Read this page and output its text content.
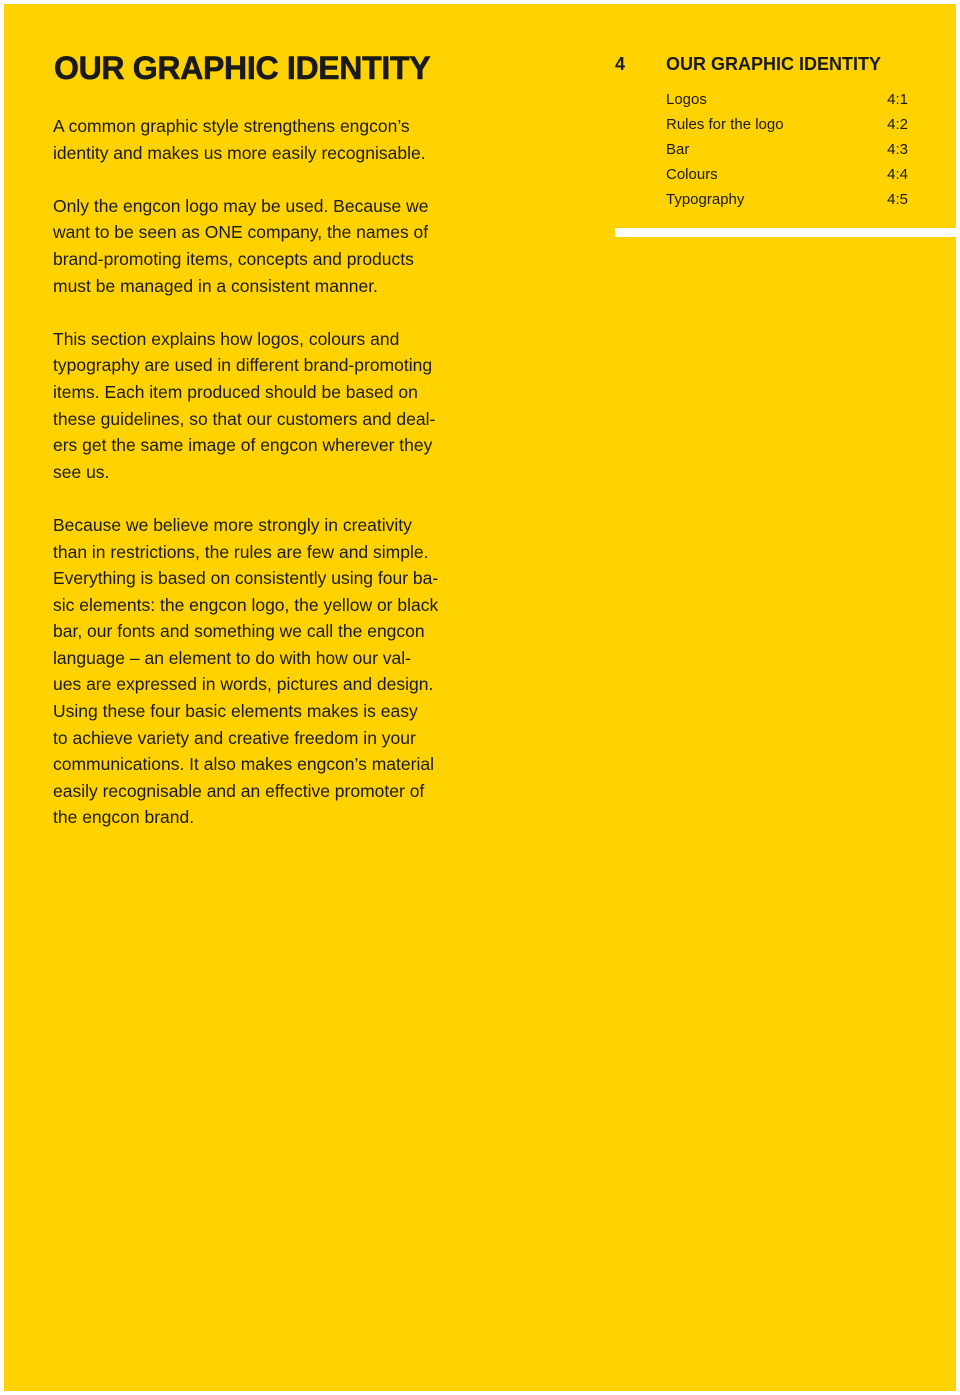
OUR GRAPHIC IDENTITY

A common graphic style strengthens engcon’s
identity and makes us more easily recognisable.

Only the engcon logo may be used. Because we
want to be seen as ONE company, the names of
brand-promoting items, concepts and products
must be managed in a consistent manner.

This section explains how logos, colours and
typography are used in different brand-promoting
items. Each item produced should be based on
these guidelines, so that our customers and deal-
ers get the same image of engcon wherever they
see us.

Because we believe more strongly in creativity
than in restrictions, the rules are few and simple.
Everything is based on consistently using four ba-
sic elements: the engcon logo, the yellow or black
bar, our fonts and something we call the engcon
language – an element to do with how our val-
ues are expressed in words, pictures and design.
Using these four basic elements makes is easy
to achieve variety and creative freedom in your
communications. It also makes engcon’s material
easily recognisable and an effective promoter of
the engcon brand.

4 OUR GRAPHIC IDENTITY
Logos	4:1
Rules for the logo	4:2
Bar	4:3
Colours	4:4
Typography	4:5
